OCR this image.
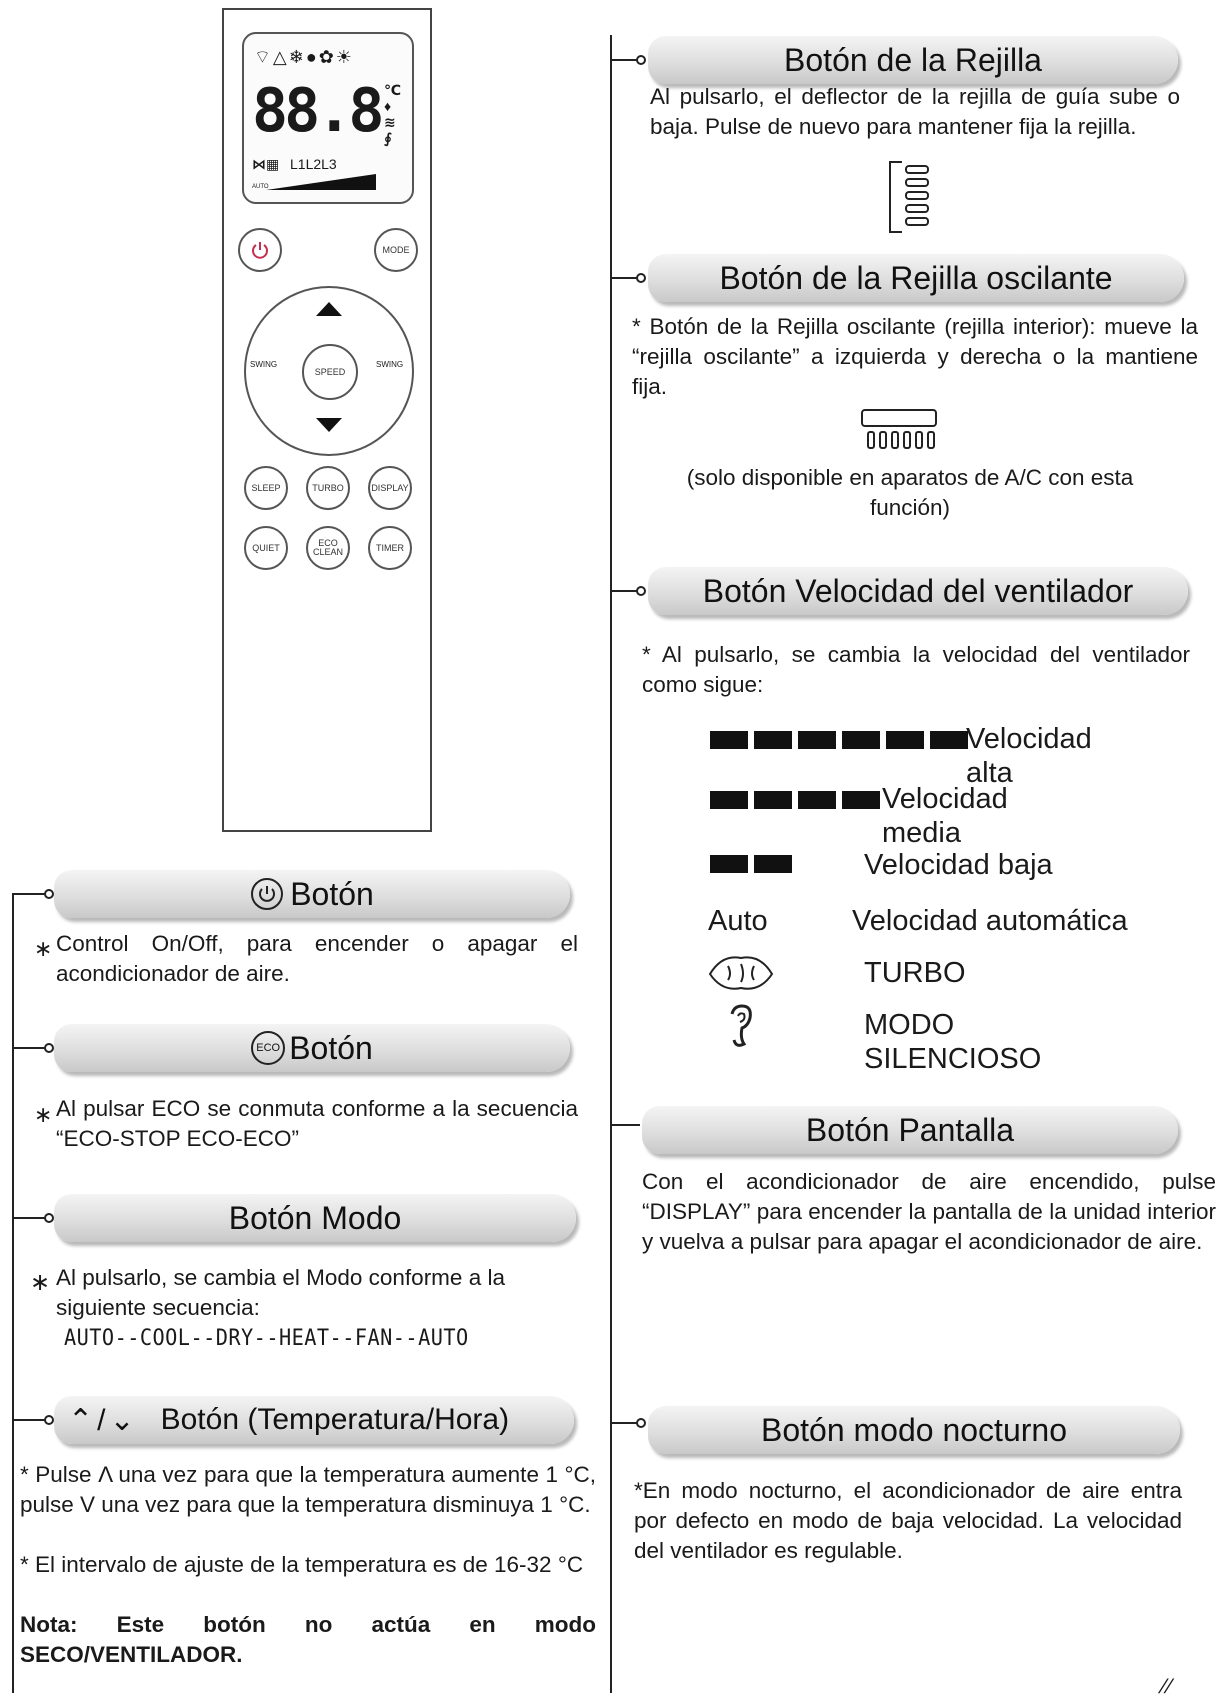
⌔△❄●✿☀
88.8 ℃
♦
≋
∮
⋈▦ L1L2L3
AUTO
MODE
SPEED
SWING	SWING
SLEEP	TURBO	DISPLAY
QUIET	ECO CLEAN	TIMER
Botón de la Rejilla
Al pulsarlo, el deflector de la rejilla de guía sube o baja. Pulse de nuevo para mantener fija la rejilla.
Botón de la Rejilla oscilante
* Botón de la Rejilla oscilante (rejilla interior): mueve la “rejilla oscilante” a izquierda y derecha o la mantiene fija.
(solo disponible en aparatos de A/C con esta función)
Botón Velocidad del ventilador
* Al pulsarlo, se cambia la velocidad del ventilador como sigue:
Velocidad alta
Velocidad media
Velocidad baja
Auto	Velocidad automática
TURBO
MODO SILENCIOSO
Botón Pantalla
Con el acondicionador de aire encendido, pulse “DISPLAY” para encender la pantalla de la unidad interior y vuelva a pulsar para apagar el acondicionador de aire.
Botón modo nocturno
*En modo nocturno, el acondicionador de aire entra por defecto en modo de baja velocidad. La velocidad del ventilador es regulable.
Botón
∗ Control On/Off, para encender o apagar el acondicionador de aire.
ECO Botón
∗ Al pulsar ECO se conmuta conforme a la secuencia “ECO-STOP ECO-ECO”
Botón Modo
∗ Al pulsarlo, se cambia el Modo conforme a la siguiente secuencia:
AUTO--COOL--DRY--HEAT--FAN--AUTO
⌃/⌄ Botón (Temperatura/Hora)
* Pulse Λ una vez para que la temperatura aumente 1 °C, pulse V una vez para que la temperatura disminuya 1 °C.
* El intervalo de ajuste de la temperatura es de 16-32 °C
Nota: Este botón no actúa en modo SECO/VENTILADOR.
//
